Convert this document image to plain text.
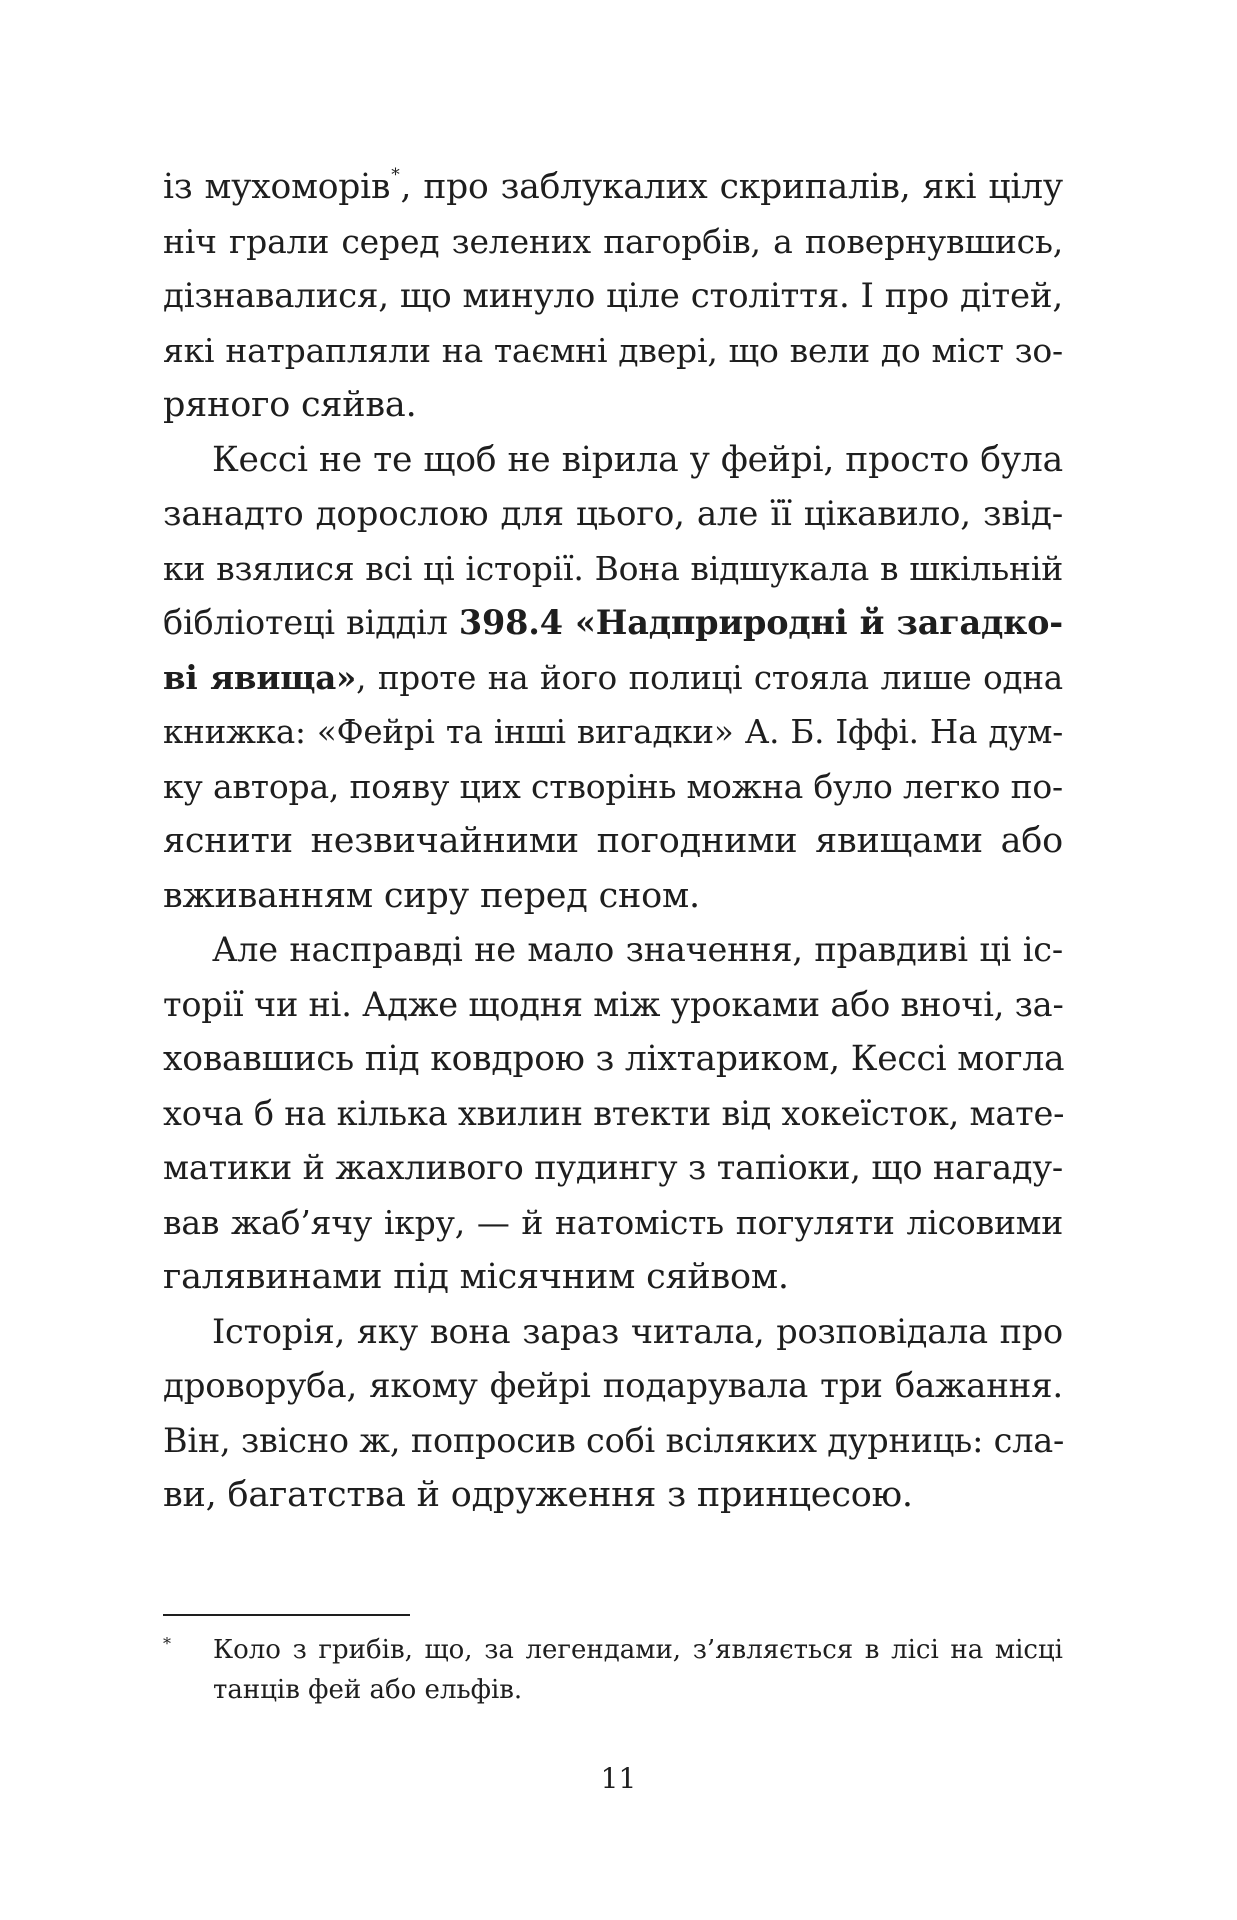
із мухоморів*, про заблукалих скрипалів, які цілу
ніч грали серед зелених пагорбів, а повернувшись,
дізнавалися, що минуло ціле століття. І про дітей,
які натрапляли на таємні двері, що вели до міст зо-
ряного сяйва.
Кессі не те щоб не вірила у фейрі, просто була
занадто дорослою для цього, але її цікавило, звід-
ки взялися всі ці історії. Вона відшукала в шкільній
бібліотеці відділ 398.4 «Надприродні й загадко-
ві явища», проте на його полиці стояла лише одна
книжка: «Фейрі та інші вигадки» А. Б. Іффі. На дум-
ку автора, появу цих створінь можна було легко по-
яснити незвичайними погодними явищами або
вживанням сиру перед сном.
Але насправді не мало значення, правдиві ці іс-
торії чи ні. Адже щодня між уроками або вночі, за-
ховавшись під ковдрою з ліхтариком, Кессі могла
хоча б на кілька хвилин втекти від хокеїсток, мате-
матики й жахливого пудингу з тапіоки, що нагаду-
вав жаб’ячу ікру, — й натомість погуляти лісовими
галявинами під місячним сяйвом.
Історія, яку вона зараз читала, розповідала про
дроворуба, якому фейрі подарувала три бажання.
Він, звісно ж, попросив собі всіляких дурниць: сла-
ви, багатства й одруження з принцесою.
*	Коло з грибів, що, за легендами, з’являється в лісі на місці
танців фей або ельфів.
11
